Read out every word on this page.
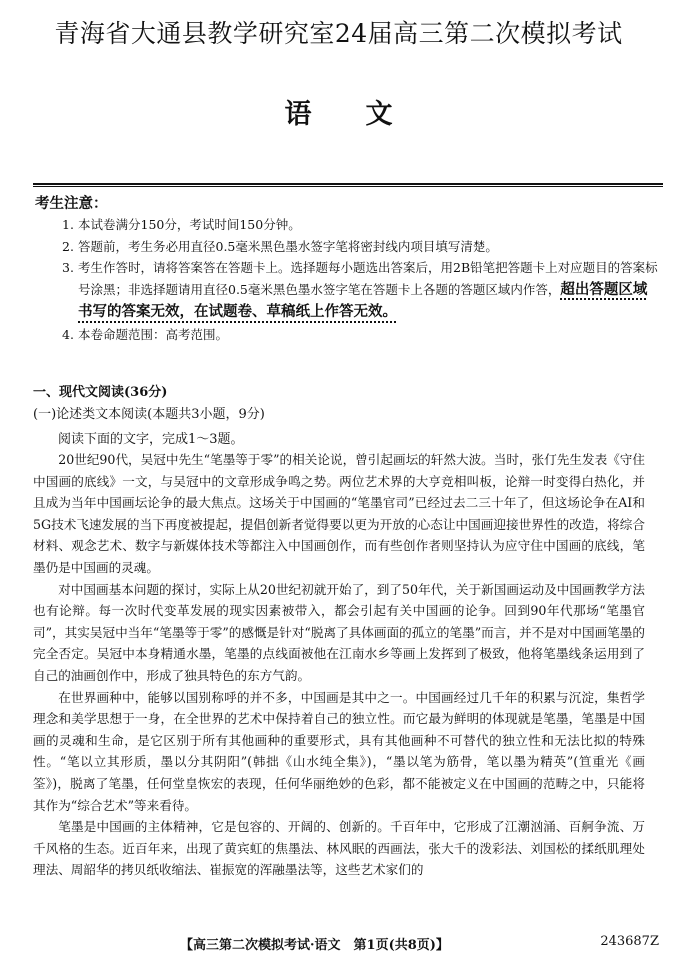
青海省大通县教学研究室24届高三第二次模拟考试
语文
考生注意：
1. 本试卷满分150分，考试时间150分钟。
2. 答题前，考生务必用直径0.5毫米黑色墨水签字笔将密封线内项目填写清楚。
3. 考生作答时，请将答案答在答题卡上。选择题每小题选出答案后，用2B铅笔把答题卡上对应题目的答案标号涂黑；非选择题请用直径0.5毫米黑色墨水签字笔在答题卡上各题的答题区域内作答，超出答题区域书写的答案无效，在试题卷、草稿纸上作答无效。
4. 本卷命题范围：高考范围。
一、现代文阅读(36分)
(一)论述类文本阅读(本题共3小题，9分)
阅读下面的文字，完成1～3题。

20世纪90代，吴冠中先生“笔墨等于零”的相关论说，曾引起画坛的轩然大波。当时，张仃先生发表《守住中国画的底线》一文，与吴冠中的文章形成争鸣之势。两位艺术界的大亨竞相叫板，论辩一时变得白热化，并且成为当年中国画坛论争的最大焦点。这场关于中国画的“笔墨官司”已经过去二三十年了，但这场论争在AI和5G技术飞速发展的当下再度被提起，提倡创新者觉得要以更为开放的心态让中国画迎接世界性的改造，将综合材料、观念艺术、数字与新媒体技术等都注入中国画创作，而有些创作者则坚持认为应守住中国画的底线，笔墨仍是中国画的灵魂。

对中国画基本问题的探讨，实际上从20世纪初就开始了，到了50年代，关于新国画运动及中国画教学方法也有论辩。每一次时代变革发展的现实因素被带入，都会引起有关中国画的论争。回到90年代那场“笔墨官司”，其实吴冠中当年“笔墨等于零”的感慨是针对“脱离了具体画面的孤立的笔墨”而言，并不是对中国画笔墨的完全否定。吴冠中本身精通水墨，笔墨的点线面被他在江南水乡等画上发挥到了极致，他将笔墨线条运用到了自己的油画创作中，形成了独具特色的东方气韵。

在世界画种中，能够以国别称呼的并不多，中国画是其中之一。中国画经过几千年的积累与沉淀，集哲学理念和美学思想于一身，在全世界的艺术中保持着自己的独立性。而它最为鲜明的体现就是笔墨，笔墨是中国画的灵魂和生命，是它区别于所有其他画种的重要形式，具有其他画种不可替代的独立性和无法比拟的特殊性。“笔以立其形质，墨以分其阴阳”(韩拙《山水纯全集》)，“墨以笔为筋骨，笔以墨为精英”(笪重光《画筌》)，脱离了笔墨，任何堂皇恢宏的表现，任何华丽绝妙的色彩，都不能被定义在中国画的范畴之中，只能将其作为“综合艺术”等来看待。

笔墨是中国画的主体精神，它是包容的、开阔的、创新的。千百年中，它形成了江潮汹涌、百舸争流、万千风格的生态。近百年来，出现了黄宾虹的焦墨法、林风眠的西画法，张大千的泼彩法、刘国松的揉纸肌理处理法、周韶华的拷贝纸收缩法、崔振宽的浑融墨法等，这些艺术家们的

【高三第二次模拟考试·语文　第1页(共8页)】	243687Z
